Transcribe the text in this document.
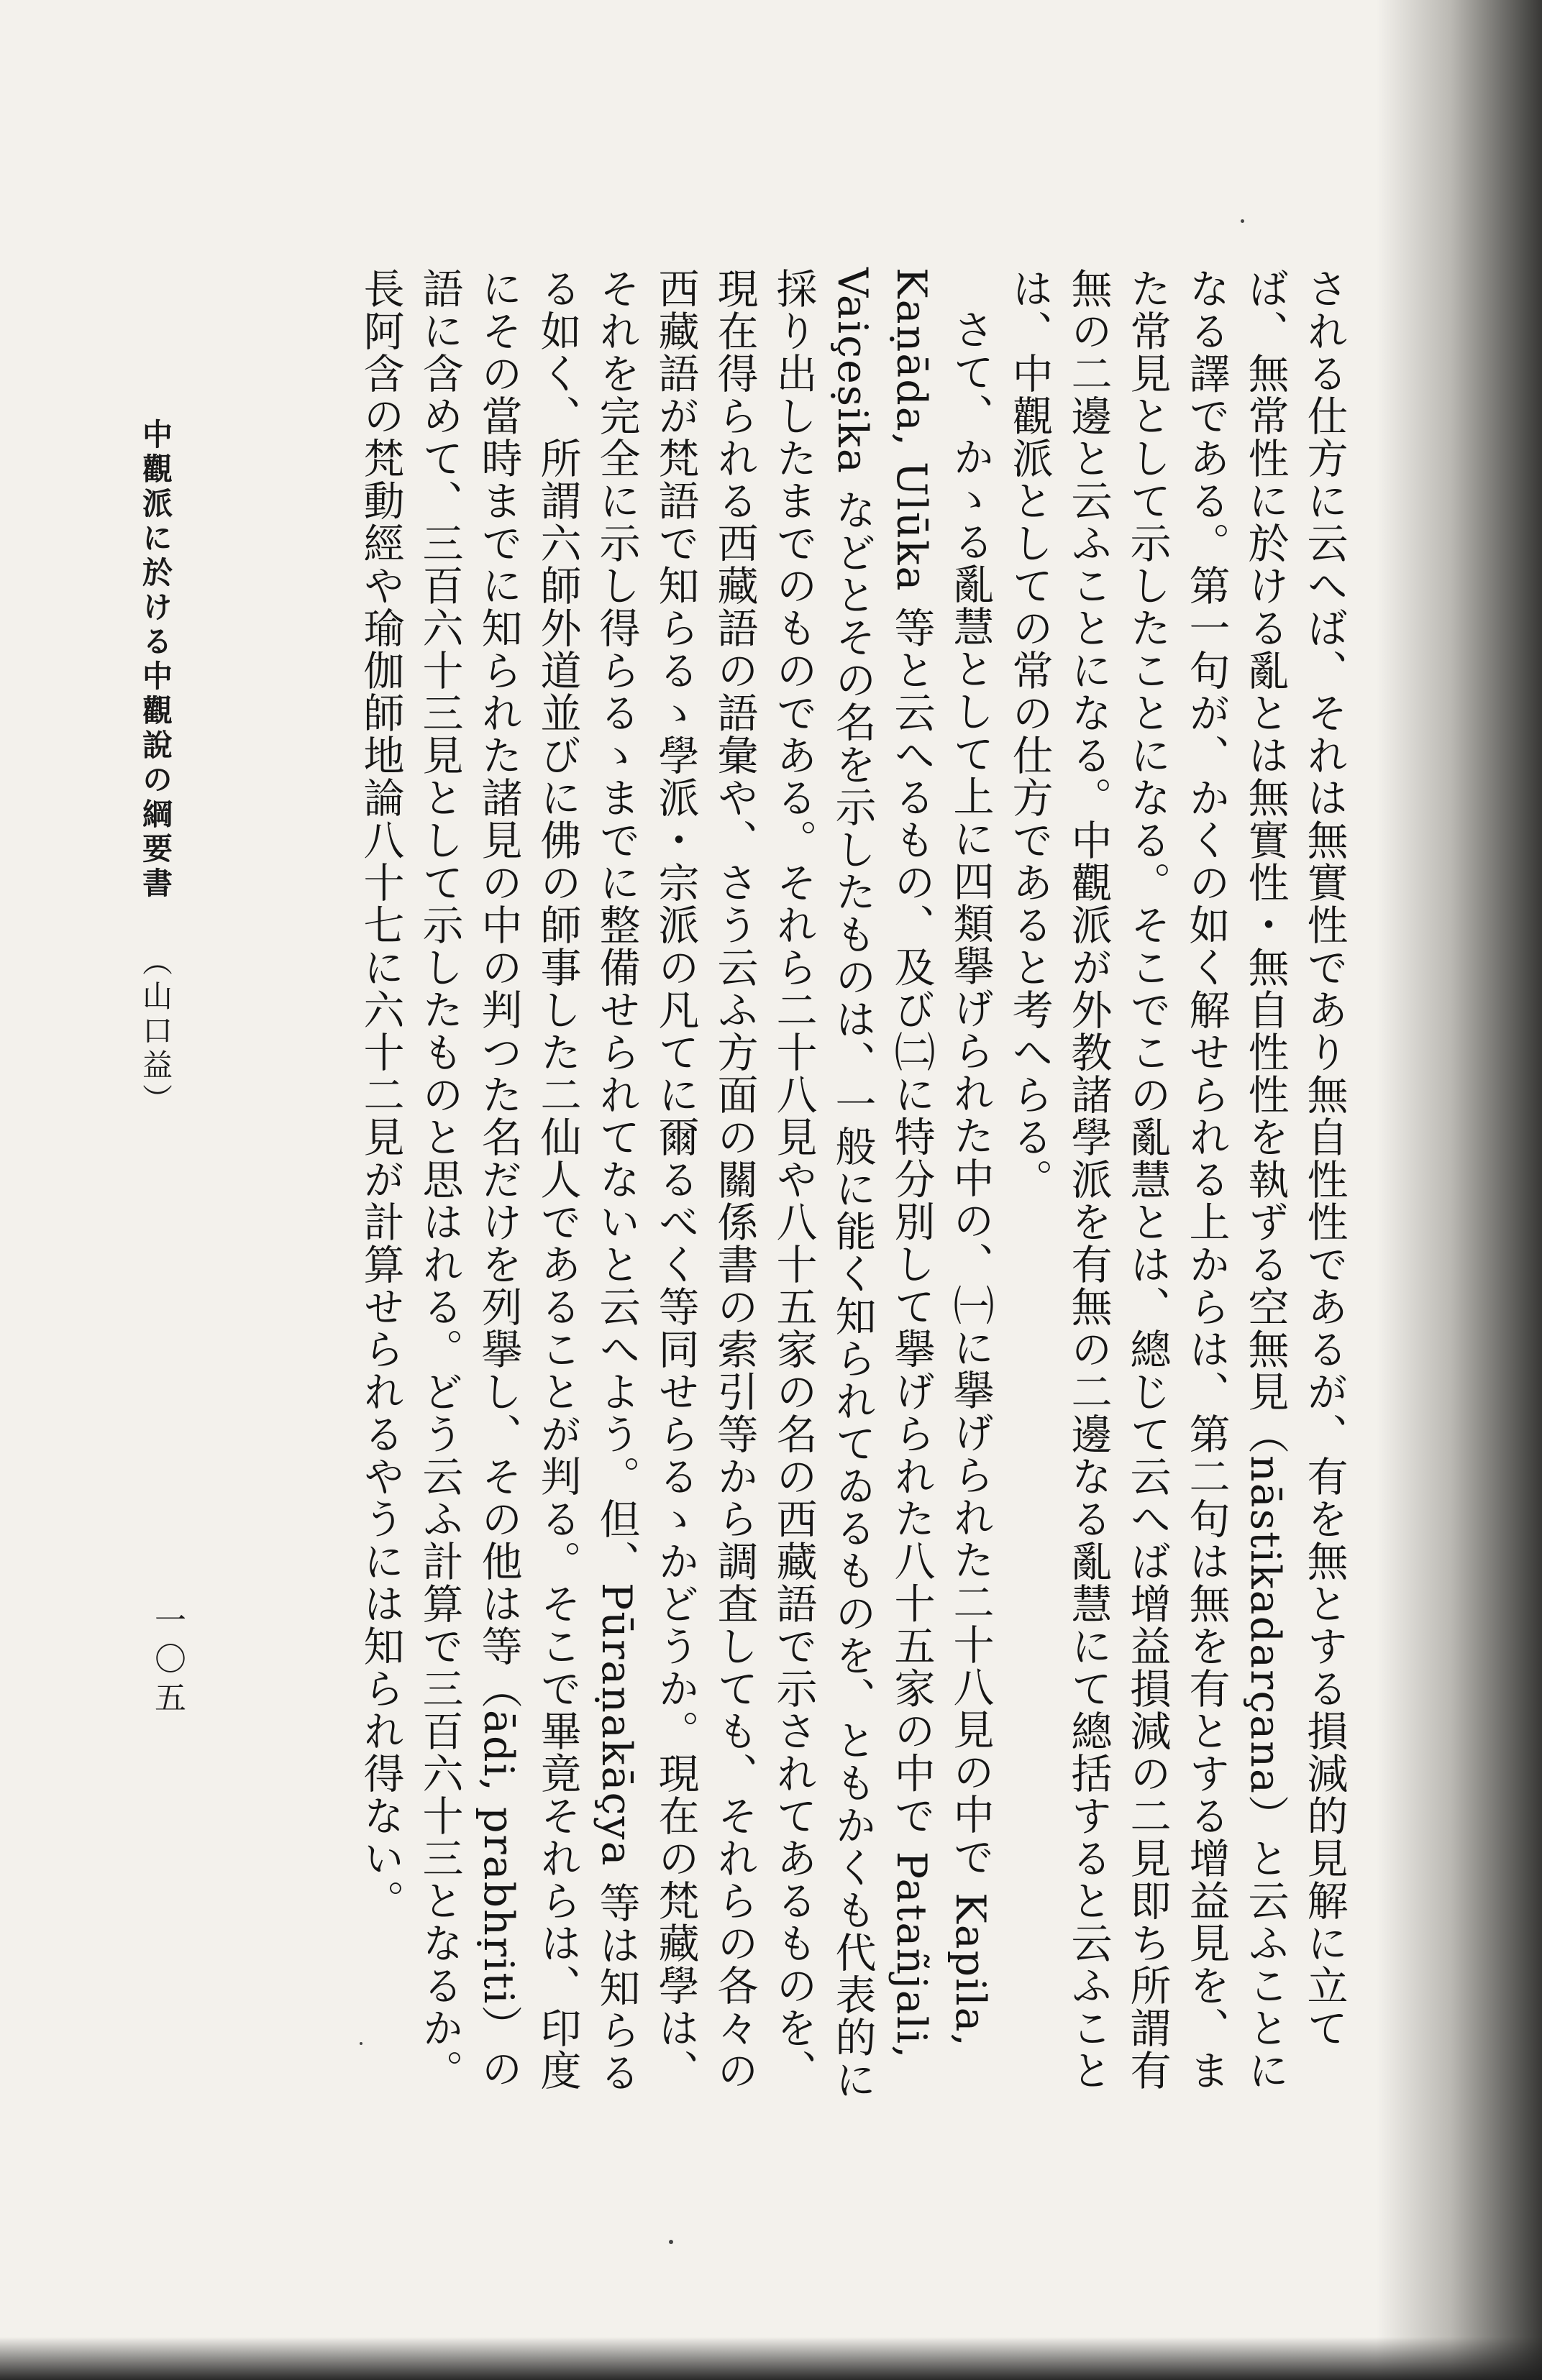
される仕方に云へば、それは無實性であり無自性性であるが、有を無とする損減的見解に立てば、無常性に於ける亂とは無實性・無自性性を執ずる空無見（nāstikadarçana）と云ふことになる譯である。第一句が、かくの如く解せられる上からは、第二句は無を有とする增益見を、また常見として示したことになる。そこでこの亂慧とは、總じて云へば增益損減の二見即ち所謂有無の二邊と云ふことになる。中觀派が外教諸學派を有無の二邊なる亂慧にて總括すると云ふことは、中觀派としての常の仕方であると考へらる。

さて、かゝる亂慧として上に四類擧げられた中の、㈠に擧げられた二十八見の中で Kapila, Kaṇāda, Ulūka 等と云へるもの、及び㈡に特分別して擧げられた八十五家の中で Patañjali, Vaiçeṣika などとその名を示したものは、一般に能く知られてゐるものを、ともかくも代表的に採り出したまでのものである。それら二十八見や八十五家の名の西藏語で示されてあるものを、現在得られる西藏語の語彙や、さう云ふ方面の關係書の索引等から調査しても、それらの各々の西藏語が梵語で知らるゝ學派・宗派の凡てに爾るべく等同せらるゝかどうか。現在の梵藏學は、それを完全に示し得らるゝまでに整備せられてないと云へよう。但、Pūraṇakāçya 等は知らるる如く、所謂六師外道並びに佛の師事した二仙人であることが判る。そこで畢竟それらは、印度にその當時までに知られた諸見の中の判つた名だけを列擧し、その他は等（ādi, prabhṛiti）の語に含めて、三百六十三見として示したものと思はれる。どう云ふ計算で三百六十三となるか。長阿含の梵動經や瑜伽師地論八十七に六十二見が計算せられるやうには知られ得ない。

中觀派に於ける中觀說の綱要書 （山口益）
一〇五
